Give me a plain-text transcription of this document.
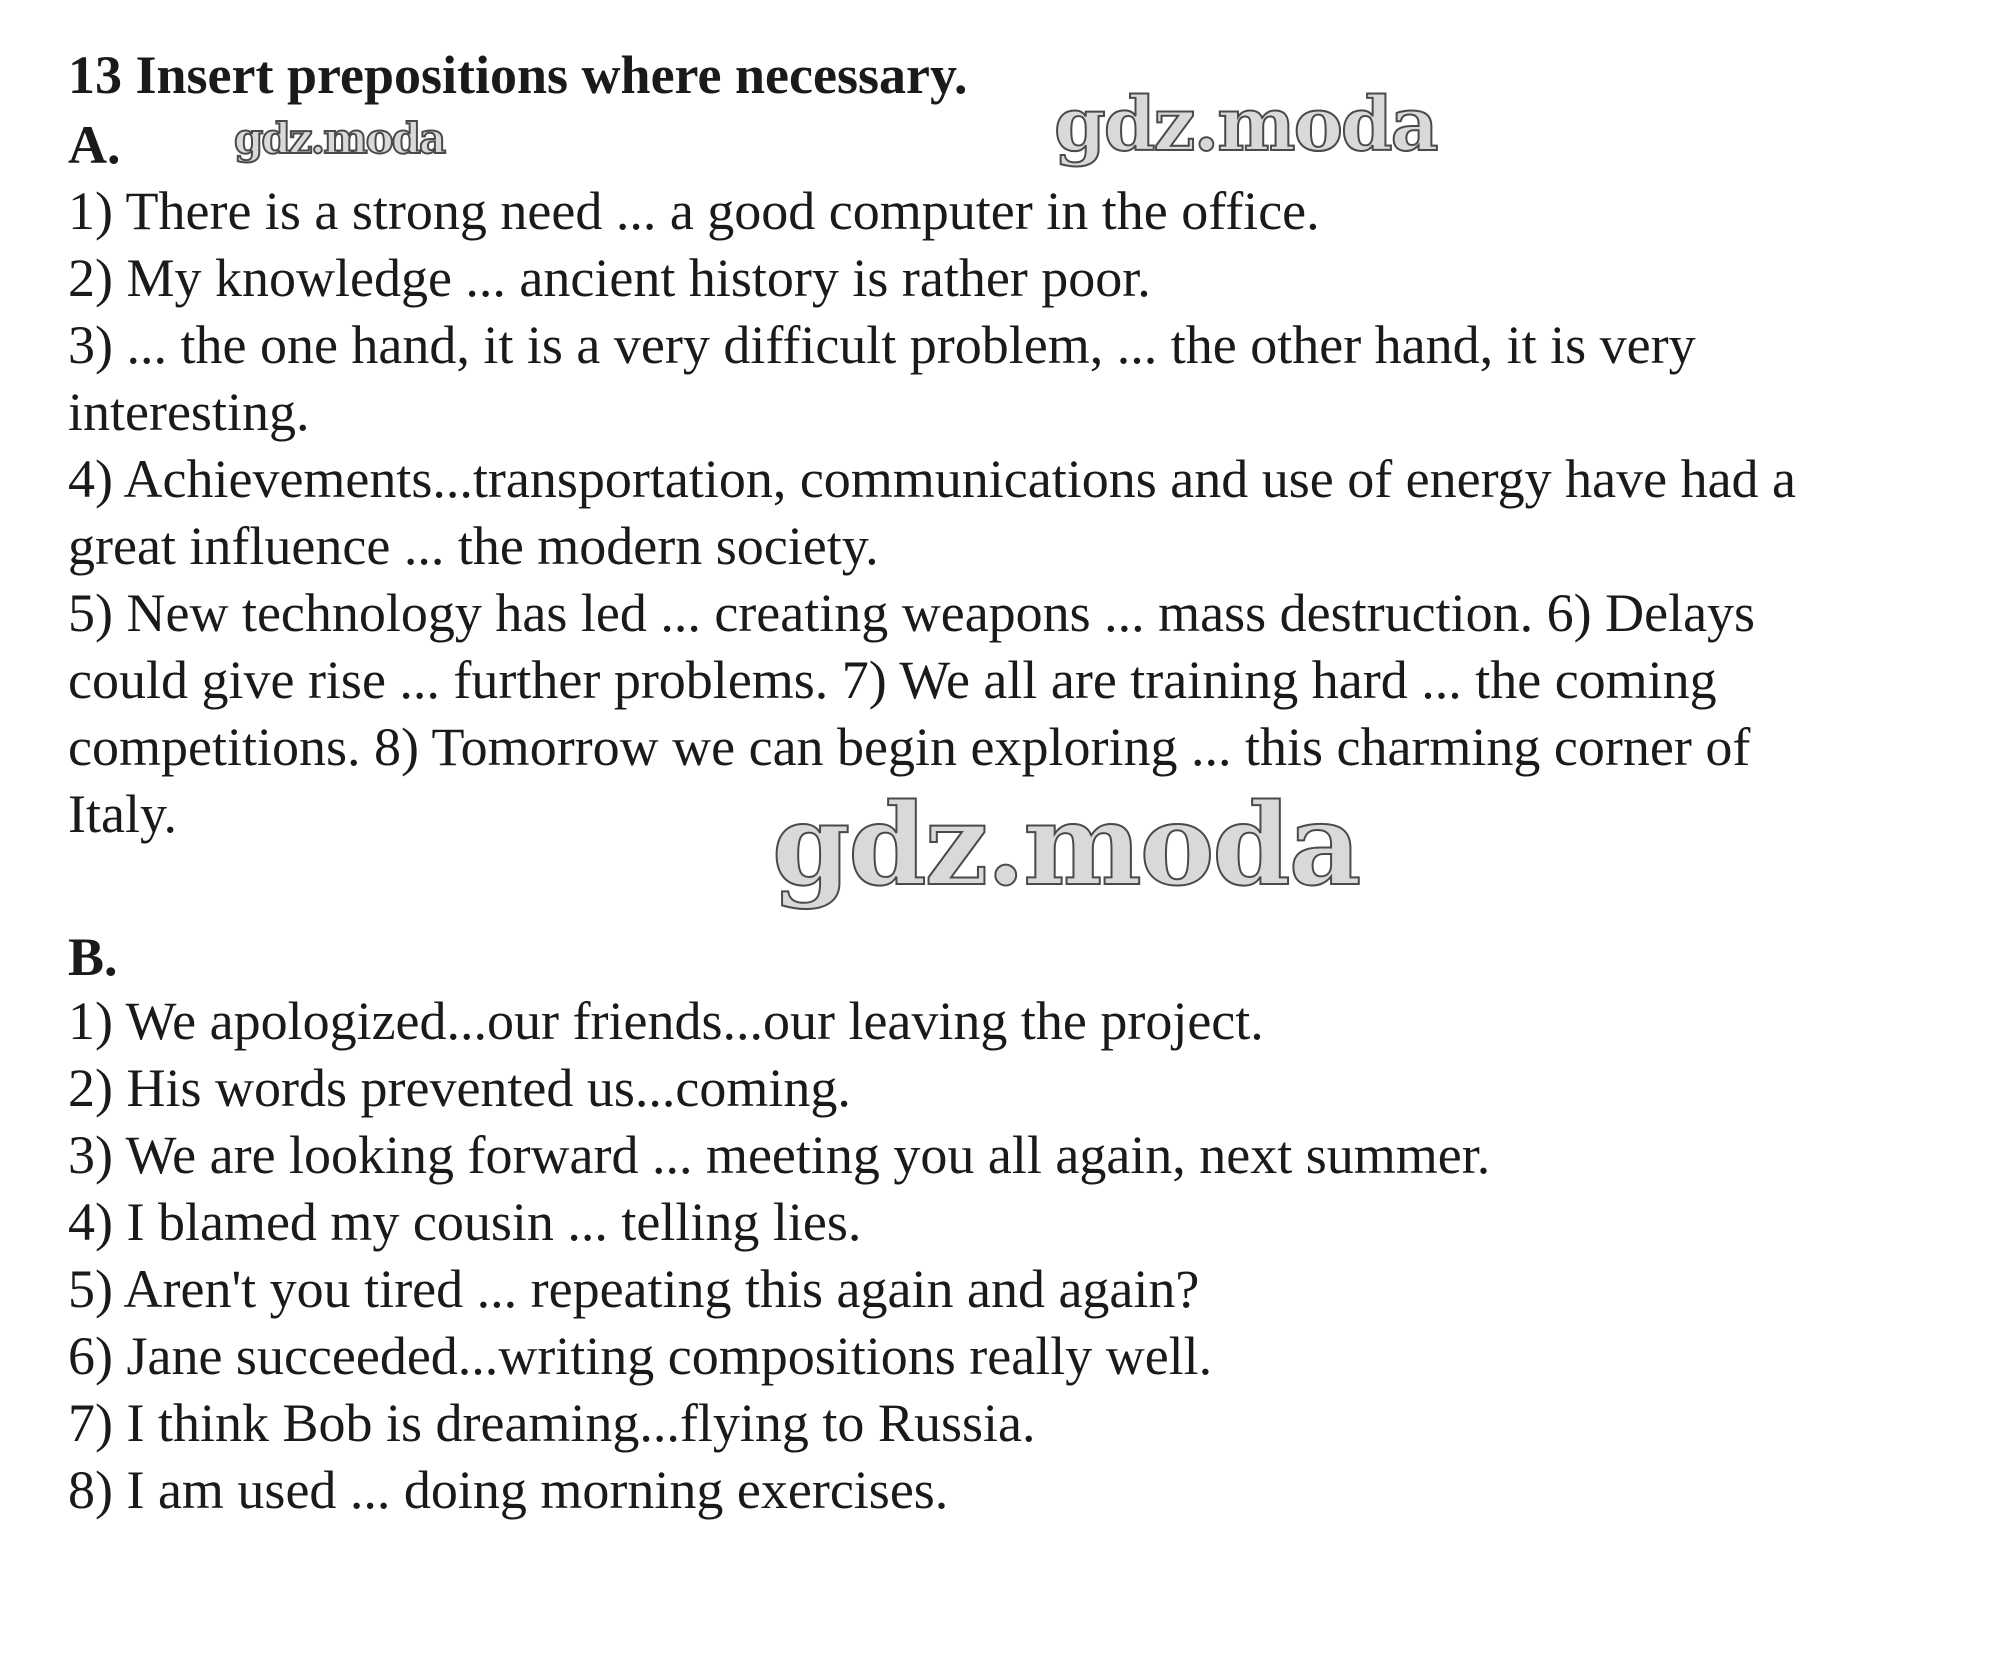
13 Insert prepositions where necessary.
A.	gdz.moda	gdz.moda

1) There is a strong need ... a good computer in the office.

2) My knowledge ... ancient history is rather poor.

3) ... the one hand, it is a very difficult problem, ... the other hand, it is very

interesting.

4) Achievements...transportation, communications and use of energy have had a

great influence ... the modern society.

5) New technology has led ... creating weapons ... mass destruction. 6) Delays

could give rise ... further problems. 7) We all are training hard ... the coming

competitions. 8) Tomorrow we can begin exploring ... this charming corner of

Italy.	gdz.moda
B.

1) We apologized...our friends...our leaving the project.

2) His words prevented us...coming.

3) We are looking forward ... meeting you all again, next summer.

4) I blamed my cousin ... telling lies.

5) Aren't you tired ... repeating this again and again?

6) Jane succeeded...writing compositions really well.

7) I think Bob is dreaming...flying to Russia.

8) I am used ... doing morning exercises.
